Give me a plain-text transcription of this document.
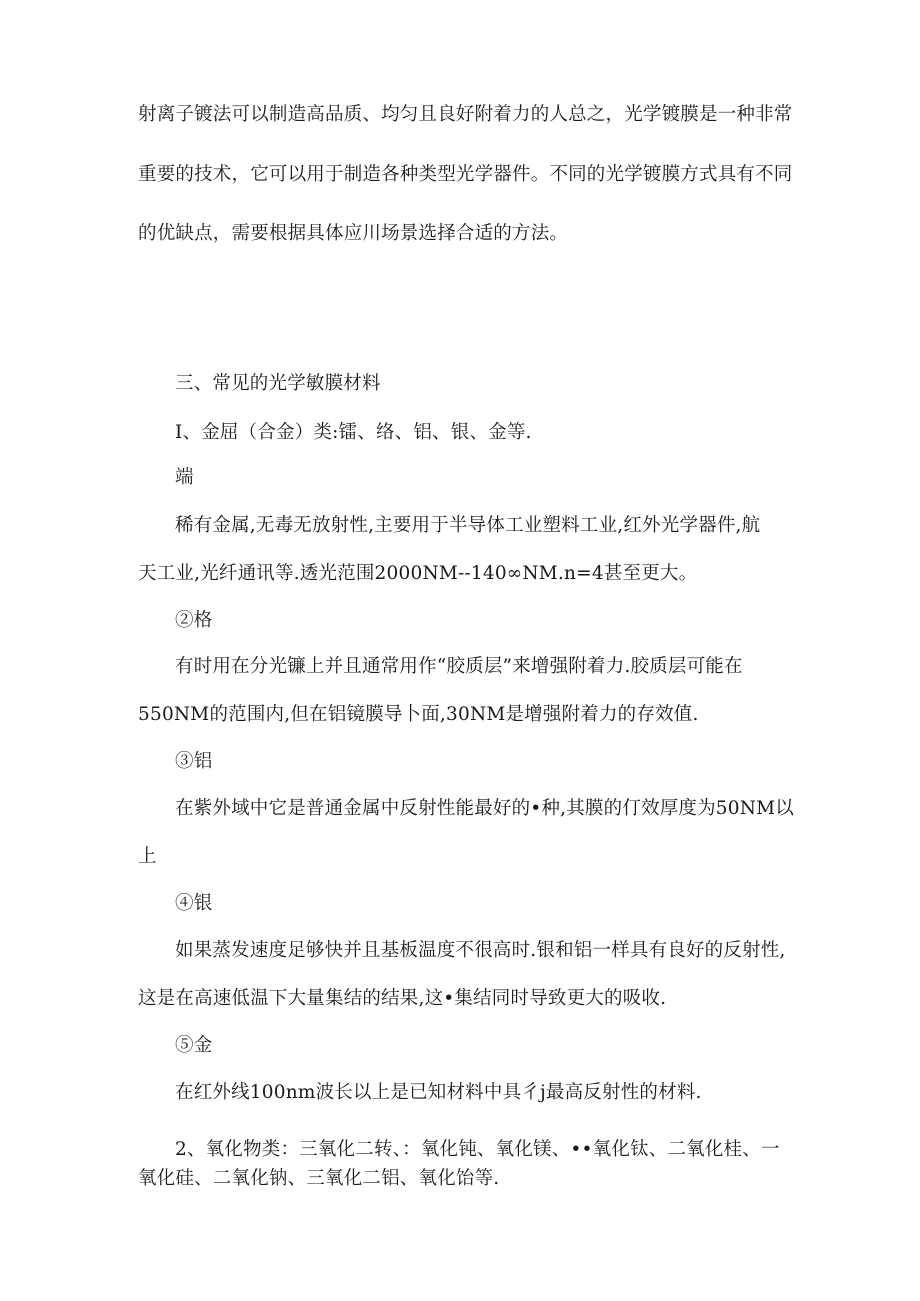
射离子镀法可以制造高品质、均匀且良好附着力的人总之，光学镀膜是一种非常
重要的技术，它可以用于制造各种类型光学器件。不同的光学镀膜方式具有不同
的优缺点，需要根据具体应川场景选择合适的方法。
三、常见的光学敏膜材料
I、金屈（合金）类:镭、络、铝、银、金等.
端
稀有金属,无毒无放射性,主要用于半导体工业塑料工业,红外光学器件,航
天工业,光纤通讯等.透光范围2000NM--140∞NM.n=4甚至更大。
②格
有时用在分光镰上并且通常用作“胶质层”来增强附着力.胶质层可能在
550NM的范围内,但在铝镜膜导卜面,30NM是增强附着力的存效值.
③铝
在紫外域中它是普通金属中反射性能最好的•种,其膜的仃效厚度为50NM以
上
④银
如果蒸发速度足够快并且基板温度不很高时.银和铝一样具有良好的反射性,
这是在高速低温下大量集结的结果,这•集结同时导致更大的吸收.
⑤金
在红外线100nm波长以上是已知材料中具彳j最高反射性的材料.
2、氧化物类：三氧化二转、：氧化钝、氧化镁、••氧化钛、二氧化桂、一
氧化硅、二氧化钠、三氧化二铝、氧化饴等.
